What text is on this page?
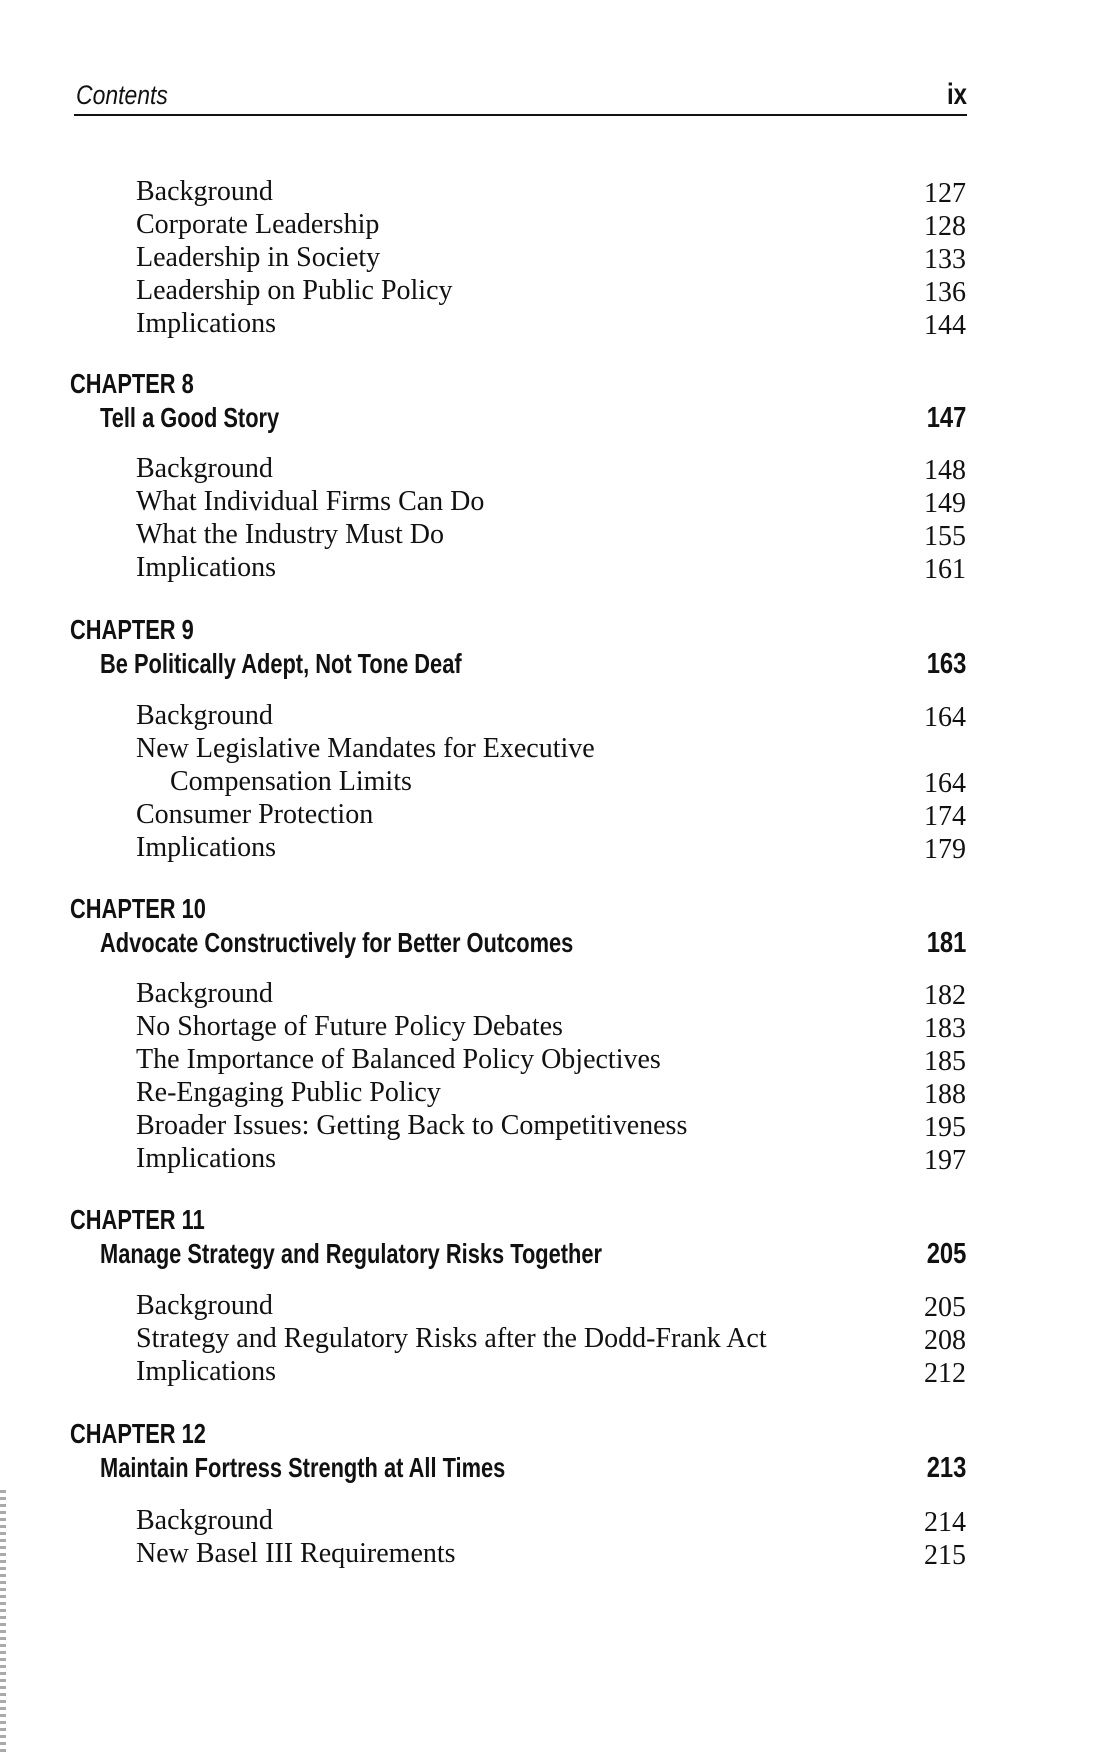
Contents	ix
Background	127
Corporate Leadership	128
Leadership in Society	133
Leadership on Public Policy	136
Implications	144
CHAPTER 8
Tell a Good Story	147
Background	148
What Individual Firms Can Do	149
What the Industry Must Do	155
Implications	161
CHAPTER 9
Be Politically Adept, Not Tone Deaf	163
Background	164
New Legislative Mandates for Executive
Compensation Limits	164
Consumer Protection	174
Implications	179
CHAPTER 10
Advocate Constructively for Better Outcomes	181
Background	182
No Shortage of Future Policy Debates	183
The Importance of Balanced Policy Objectives	185
Re-Engaging Public Policy	188
Broader Issues: Getting Back to Competitiveness	195
Implications	197
CHAPTER 11
Manage Strategy and Regulatory Risks Together	205
Background	205
Strategy and Regulatory Risks after the Dodd-Frank Act	208
Implications	212
CHAPTER 12
Maintain Fortress Strength at All Times	213
Background	214
New Basel III Requirements	215
